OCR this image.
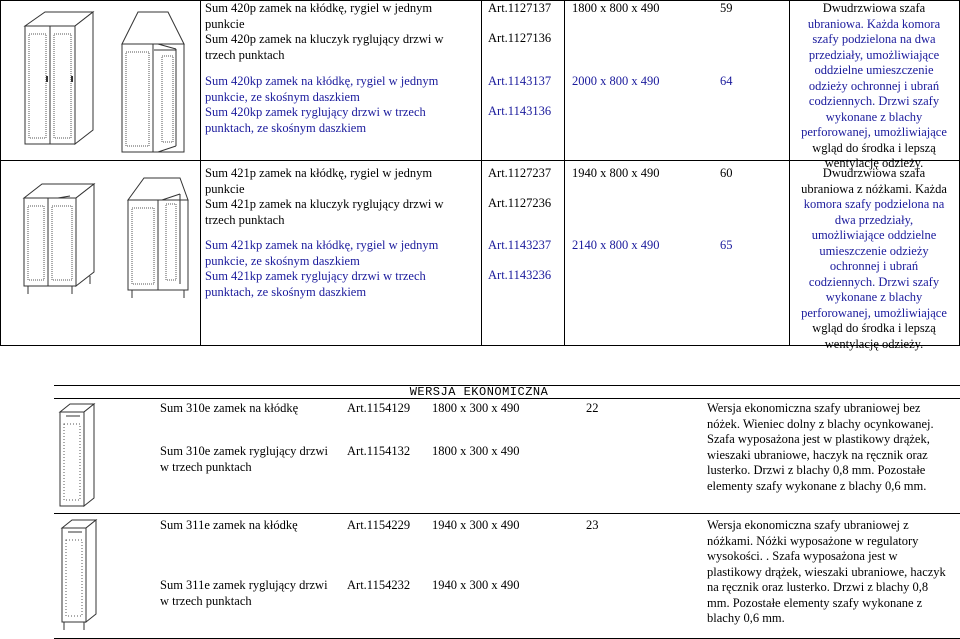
Sum 420p zamek na kłódkę, rygiel w jednym
punkcie
Sum 420p zamek na kluczyk ryglujący drzwi w
trzech punktach
Sum 420kp zamek na kłódkę, rygiel w jednym
punkcie, ze skośnym daszkiem
Sum 420kp zamek ryglujący drzwi w trzech
punktach, ze skośnym daszkiem
Art.1127137
Art.1127136
Art.1143137
Art.1143136
1800 x 800 x 490
2000 x 800 x 490
59
64
Dwudrzwiowa szafa
ubraniowa. Każda komora
szafy podzielona na dwa
przedziały, umożliwiające
oddzielne umieszczenie
odzieży ochronnej i ubrań
codziennych. Drzwi szafy
wykonane z blachy
perforowanej, umożliwiające
wgląd do środka i lepszą
wentylację odzieży.
Sum 421p zamek na kłódkę, rygiel w jednym
punkcie
Sum 421p zamek na kluczyk ryglujący drzwi w
trzech punktach
Sum 421kp zamek na kłódkę, rygiel w jednym
punkcie, ze skośnym daszkiem
Sum 421kp zamek ryglujący drzwi w trzech
punktach, ze skośnym daszkiem
Art.1127237
Art.1127236
Art.1143237
Art.1143236
1940 x 800 x 490
2140 x 800 x 490
60
65
Dwudrzwiowa szafa
ubraniowa z nóżkami. Każda
komora szafy podzielona na
dwa przedziały,
umożliwiające oddzielne
umieszczenie odzieży
ochronnej i ubrań
codziennych. Drzwi szafy
wykonane z blachy
perforowanej, umożliwiające
wgląd do środka i lepszą
wentylację odzieży.
WERSJA EKONOMICZNA
Sum 310e zamek na kłódkę
Sum 310e zamek ryglujący drzwi
w trzech punktach
Art.1154129
Art.1154132
1800 x 300 x 490
1800 x 300 x 490
22	Wersja ekonomiczna szafy ubraniowej bez
nóżek. Wieniec dolny z blachy ocynkowanej.
Szafa wyposażona jest w plastikowy drążek,
wieszaki ubraniowe, haczyk na ręcznik oraz
lusterko. Drzwi z blachy 0,8 mm. Pozostałe
elementy szafy wykonane z blachy 0,6 mm.
Sum 311e zamek na kłódkę
Sum 311e zamek ryglujący drzwi
w trzech punktach
Art.1154229
Art.1154232
1940 x 300 x 490
1940 x 300 x 490
23	Wersja ekonomiczna szafy ubraniowej z
nóżkami. Nóżki wyposażone w regulatory
wysokości. . Szafa wyposażona jest w
plastikowy drążek, wieszaki ubraniowe, haczyk
na ręcznik oraz lusterko. Drzwi z blachy 0,8
mm. Pozostałe elementy szafy wykonane z
blachy 0,6 mm.
